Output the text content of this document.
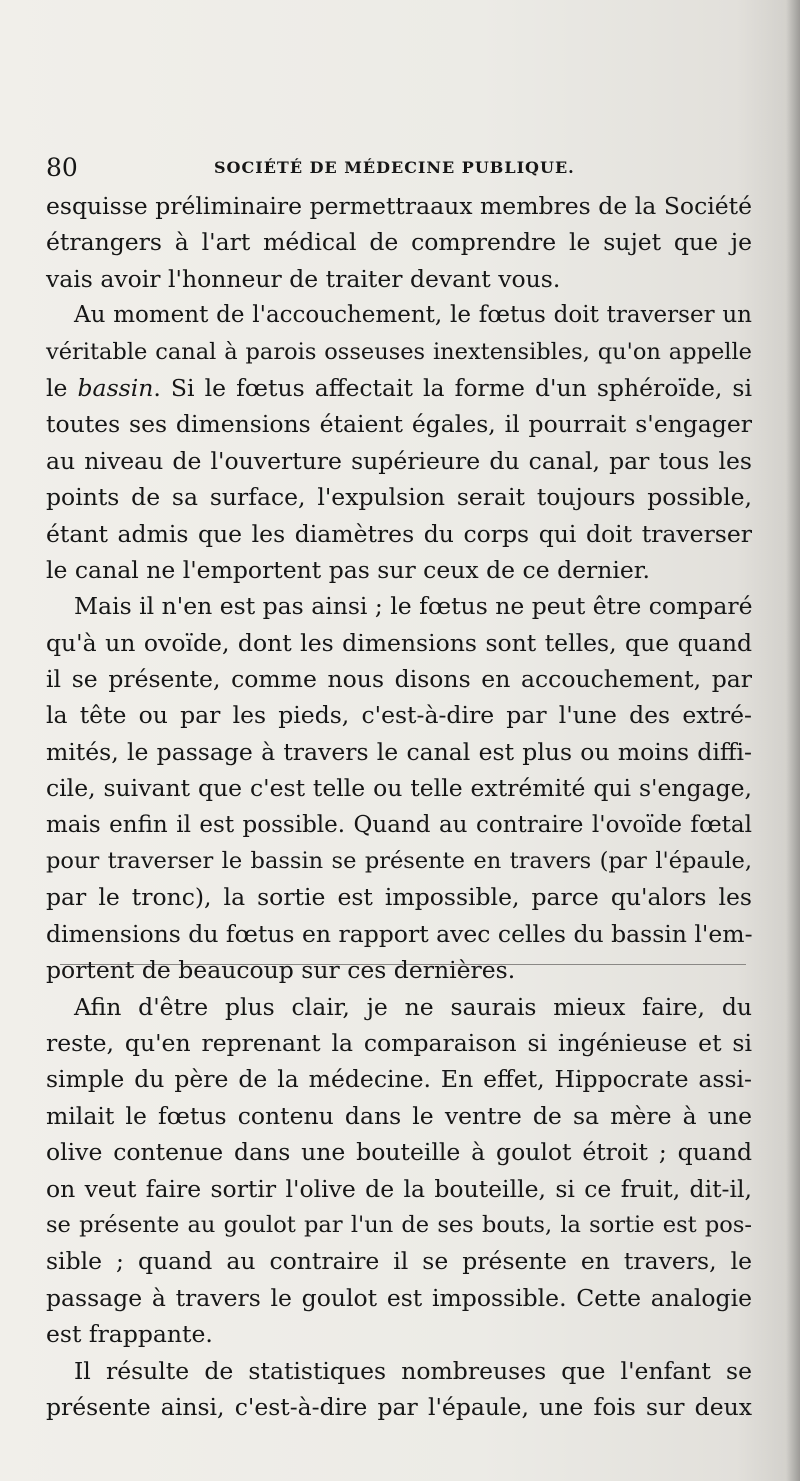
80	SOCIÉTÉ DE MÉDECINE PUBLIQUE.
esquisse préliminaire permettraaux membres de la Société
étrangers à l'art médical de comprendre le sujet que je
vais avoir l'honneur de traiter devant vous.
Au moment de l'accouchement, le fœtus doit traverser un
véritable canal à parois osseuses inextensibles, qu'on appelle
le bassin. Si le fœtus affectait la forme d'un sphéroïde, si
toutes ses dimensions étaient égales, il pourrait s'engager
au niveau de l'ouverture supérieure du canal, par tous les
points de sa surface, l'expulsion serait toujours possible,
étant admis que les diamètres du corps qui doit traverser
le canal ne l'emportent pas sur ceux de ce dernier.
Mais il n'en est pas ainsi ; le fœtus ne peut être comparé
qu'à un ovoïde, dont les dimensions sont telles, que quand
il se présente, comme nous disons en accouchement, par
la tête ou par les pieds, c'est-à-dire par l'une des extré-
mités, le passage à travers le canal est plus ou moins diffi-
cile, suivant que c'est telle ou telle extrémité qui s'engage,
mais enfin il est possible. Quand au contraire l'ovoïde fœtal
pour traverser le bassin se présente en travers (par l'épaule,
par le tronc), la sortie est impossible, parce qu'alors les
dimensions du fœtus en rapport avec celles du bassin l'em-
portent de beaucoup sur ces dernières.
Afin d'être plus clair, je ne saurais mieux faire, du
reste, qu'en reprenant la comparaison si ingénieuse et si
simple du père de la médecine. En effet, Hippocrate assi-
milait le fœtus contenu dans le ventre de sa mère à une
olive contenue dans une bouteille à goulot étroit ; quand
on veut faire sortir l'olive de la bouteille, si ce fruit, dit-il,
se présente au goulot par l'un de ses bouts, la sortie est pos-
sible ; quand au contraire il se présente en travers, le
passage à travers le goulot est impossible. Cette analogie
est frappante.
Il résulte de statistiques nombreuses que l'enfant se
présente ainsi, c'est-à-dire par l'épaule, une fois sur deux
